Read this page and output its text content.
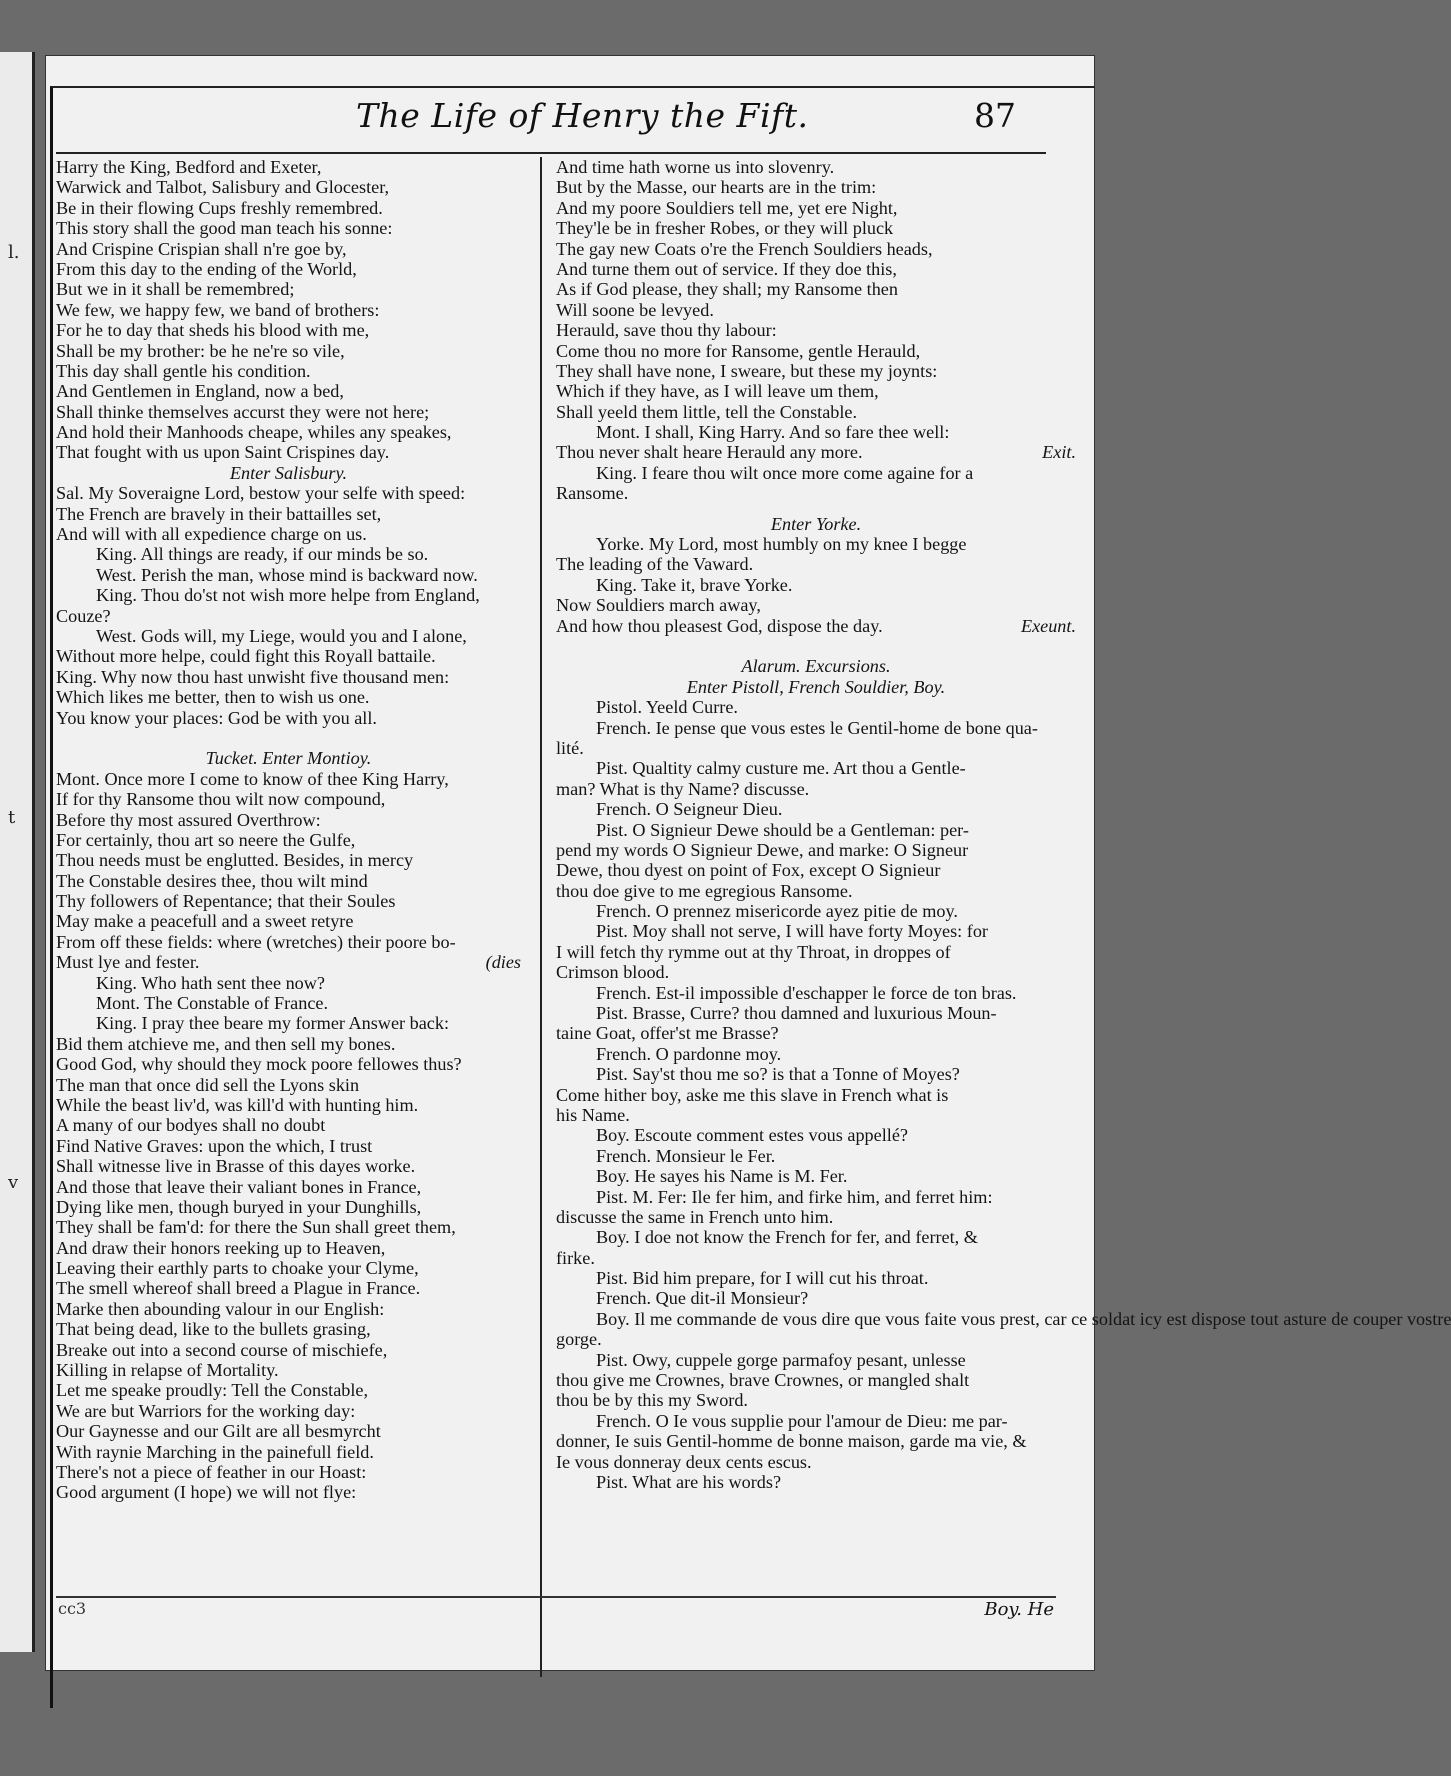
l.
t
v
The Life of Henry the Fift.	87
Harry the King, Bedford and Exeter,
Warwick and Talbot, Salisbury and Glocester,
Be in their flowing Cups freshly remembred.
This story shall the good man teach his sonne:
And Crispine Crispian shall n're goe by,
From this day to the ending of the World,
But we in it shall be remembred;
We few, we happy few, we band of brothers:
For he to day that sheds his blood with me,
Shall be my brother: be he ne're so vile,
This day shall gentle his condition.
And Gentlemen in England, now a bed,
Shall thinke themselves accurst they were not here;
And hold their Manhoods cheape, whiles any speakes,
That fought with us upon Saint Crispines day.
Enter Salisbury.
Sal. My Soveraigne Lord, bestow your selfe with speed:
The French are bravely in their battailles set,
And will with all expedience charge on us.
King. All things are ready, if our minds be so.
West. Perish the man, whose mind is backward now.
King. Thou do'st not wish more helpe from England,
Couze?
West. Gods will, my Liege, would you and I alone,
Without more helpe, could fight this Royall battaile.
King. Why now thou hast unwisht five thousand men:
Which likes me better, then to wish us one.
You know your places: God be with you all.
Tucket. Enter Montioy.
Mont. Once more I come to know of thee King Harry,
If for thy Ransome thou wilt now compound,
Before thy most assured Overthrow:
For certainly, thou art so neere the Gulfe,
Thou needs must be englutted. Besides, in mercy
The Constable desires thee, thou wilt mind
Thy followers of Repentance; that their Soules
May make a peacefull and a sweet retyre
From off these fields: where (wretches) their poore bo-
Must lye and fester.	(dies
King. Who hath sent thee now?
Mont. The Constable of France.
King. I pray thee beare my former Answer back:
Bid them atchieve me, and then sell my bones.
Good God, why should they mock poore fellowes thus?
The man that once did sell the Lyons skin
While the beast liv'd, was kill'd with hunting him.
A many of our bodyes shall no doubt
Find Native Graves: upon the which, I trust
Shall witnesse live in Brasse of this dayes worke.
And those that leave their valiant bones in France,
Dying like men, though buryed in your Dunghills,
They shall be fam'd: for there the Sun shall greet them,
And draw their honors reeking up to Heaven,
Leaving their earthly parts to choake your Clyme,
The smell whereof shall breed a Plague in France.
Marke then abounding valour in our English:
That being dead, like to the bullets grasing,
Breake out into a second course of mischiefe,
Killing in relapse of Mortality.
Let me speake proudly: Tell the Constable,
We are but Warriors for the working day:
Our Gaynesse and our Gilt are all besmyrcht
With raynie Marching in the painefull field.
There's not a piece of feather in our Hoast:
Good argument (I hope) we will not flye:
And time hath worne us into slovenry.
But by the Masse, our hearts are in the trim:
And my poore Souldiers tell me, yet ere Night,
They'le be in fresher Robes, or they will pluck
The gay new Coats o're the French Souldiers heads,
And turne them out of service. If they doe this,
As if God please, they shall; my Ransome then
Will soone be levyed.
Herauld, save thou thy labour:
Come thou no more for Ransome, gentle Herauld,
They shall have none, I sweare, but these my joynts:
Which if they have, as I will leave um them,
Shall yeeld them little, tell the Constable.
Mont. I shall, King Harry. And so fare thee well:
Thou never shalt heare Herauld any more.	Exit.
King. I feare thou wilt once more come againe for a
Ransome.
Enter Yorke.
Yorke. My Lord, most humbly on my knee I begge
The leading of the Vaward.
King. Take it, brave Yorke.
Now Souldiers march away,
And how thou pleasest God, dispose the day.	Exeunt.
Alarum. Excursions.
Enter Pistoll, French Souldier, Boy.
Pistol. Yeeld Curre.
French. Ie pense que vous estes le Gentil-home de bone qua-
lité.
Pist. Qualtity calmy custure me. Art thou a Gentle-
man? What is thy Name? discusse.
French. O Seigneur Dieu.
Pist. O Signieur Dewe should be a Gentleman: per-
pend my words O Signieur Dewe, and marke: O Signeur
Dewe, thou dyest on point of Fox, except O Signieur
thou doe give to me egregious Ransome.
French. O prennez misericorde ayez pitie de moy.
Pist. Moy shall not serve, I will have forty Moyes: for
I will fetch thy rymme out at thy Throat, in droppes of
Crimson blood.
French. Est-il impossible d'eschapper le force de ton bras.
Pist. Brasse, Curre? thou damned and luxurious Moun-
taine Goat, offer'st me Brasse?
French. O pardonne moy.
Pist. Say'st thou me so? is that a Tonne of Moyes?
Come hither boy, aske me this slave in French what is
his Name.
Boy. Escoute comment estes vous appellé?
French. Monsieur le Fer.
Boy. He sayes his Name is M. Fer.
Pist. M. Fer: Ile fer him, and firke him, and ferret him:
discusse the same in French unto him.
Boy. I doe not know the French for fer, and ferret, &
firke.
Pist. Bid him prepare, for I will cut his throat.
French. Que dit-il Monsieur?
Boy. Il me commande de vous dire que vous faite vous prest, car ce soldat icy est dispose tout asture de couper vostre
gorge.
Pist. Owy, cuppele gorge parmafoy pesant, unlesse
thou give me Crownes, brave Crownes, or mangled shalt
thou be by this my Sword.
French. O Ie vous supplie pour l'amour de Dieu: me par-
donner, Ie suis Gentil-homme de bonne maison, garde ma vie, &
Ie vous donneray deux cents escus.
Pist. What are his words?
cc3	Boy. He
